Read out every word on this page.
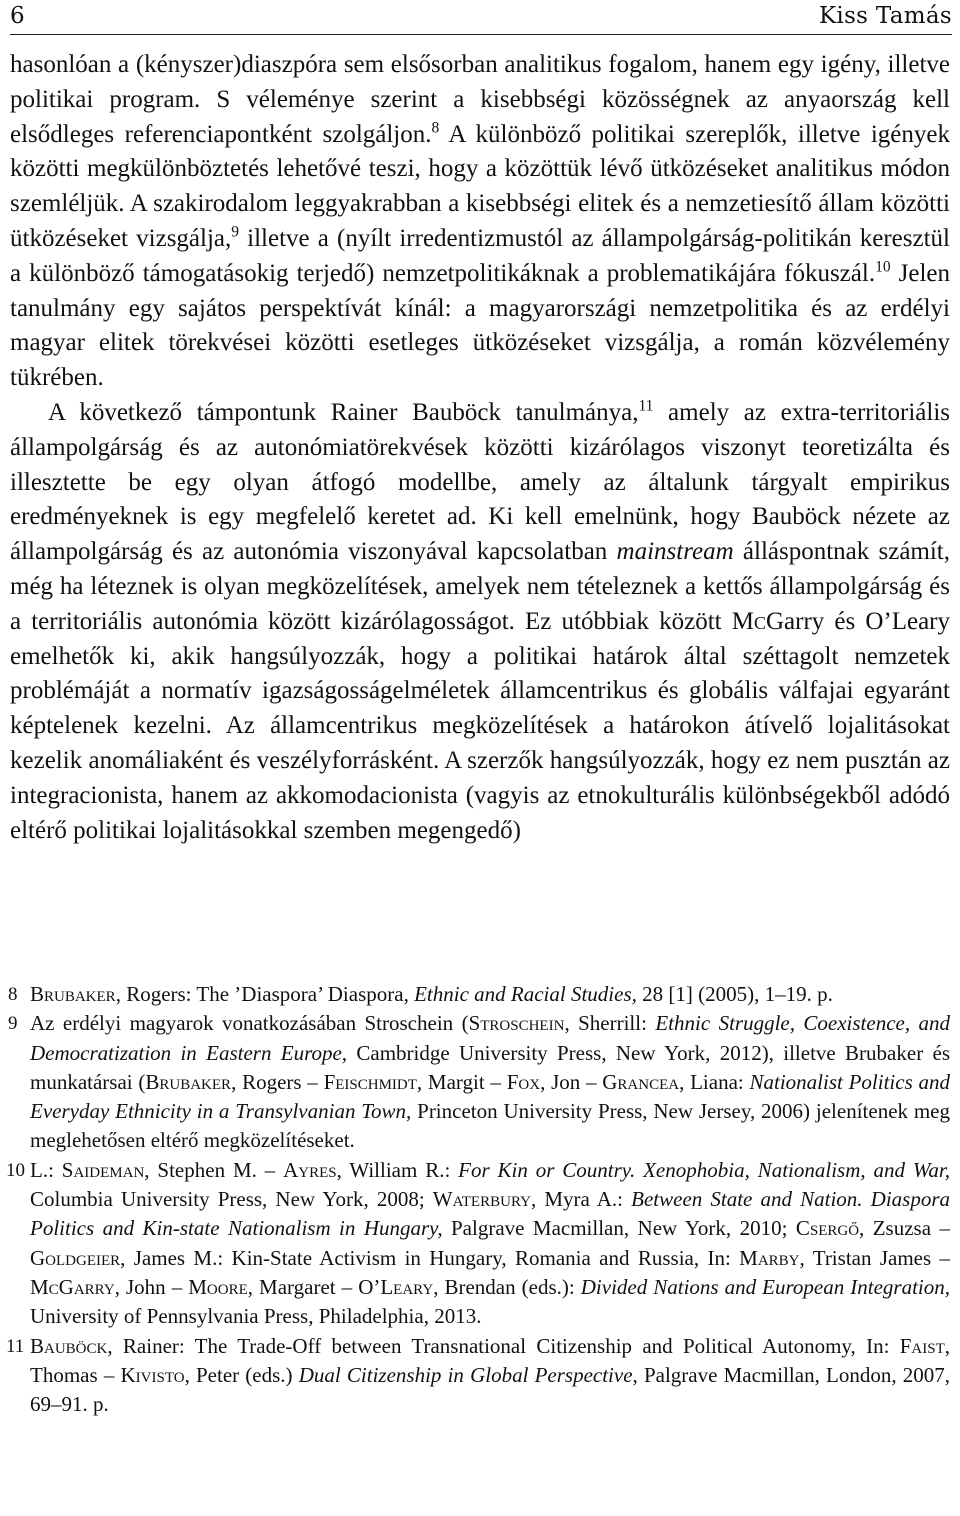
6	Kiss Tamás

hasonlóan a (kényszer)diaszpóra sem elsősorban analitikus fogalom, hanem egy igény, illetve politikai program. S véleménye szerint a kisebbségi közösségnek az anyaország kell elsődleges referenciapontként szolgáljon.$^8$ A különböző politikai szereplők, illetve igények közötti megkülönböztetés lehetővé teszi, hogy a közöttük lévő ütközéseket analitikus módon szemléljük. A szakirodalom leggyakrabban a kisebbségi elitek és a nemzetiesítő állam közötti ütközéseket vizsgálja,$^9$ illetve a (nyílt irredentizmustól az állampolgárság-politikán keresztül a különböző támogatásokig terjedő) nemzetpolitikáknak a problematikájára fókuszál.$^{10}$ Jelen tanulmány egy sajátos perspektívát kínál: a magyarországi nemzetpolitika és az erdélyi magyar elitek törekvései közötti esetleges ütközéseket vizsgálja, a román közvélemény tükrében.

A következő támpontunk Rainer Bauböck tanulmánya,$^{11}$ amely az extra-territoriális állampolgárság és az autonómiatörekvések közötti kizárólagos viszonyt teoretizálta és illesztette be egy olyan átfogó modellbe, amely az általunk tárgyalt empirikus eredményeknek is egy megfelelő keretet ad. Ki kell emelnünk, hogy Bauböck nézete az állampolgárság és az autonómia viszonyával kapcsolatban mainstream álláspontnak számít, még ha léteznek is olyan megközelítések, amelyek nem tételeznek a kettős állampolgárság és a territoriális autonómia között kizárólagosságot. Ez utóbbiak között McGarry és O’Leary emelhetők ki, akik hangsúlyozzák, hogy a politikai határok által széttagolt nemzetek problémáját a normatív igazságosságelméletek államcentrikus és globális válfajai egyaránt képtelenek kezelni. Az államcentrikus megközelítések a határokon átívelő lojalitásokat kezelik anomáliaként és veszélyforrásként. A szerzők hangsúlyozzák, hogy ez nem pusztán az integracionista, hanem az akkomodacionista (vagyis az etnokulturális különbségekből adódó eltérő politikai lojalitásokkal szemben megengedő)

8 Brubaker, Rogers: The ’Diaspora’ Diaspora, Ethnic and Racial Studies, 28 [1] (2005), 1–19. p.
9 Az erdélyi magyarok vonatkozásában Stroschein (Stroschein, Sherrill: Ethnic Struggle, Coexistence, and Democratization in Eastern Europe, Cambridge University Press, New York, 2012), illetve Brubaker és munkatársai (Brubaker, Rogers – Feischmidt, Margit – Fox, Jon – Grancea, Liana: Nationalist Politics and Everyday Ethnicity in a Transylvanian Town, Princeton University Press, New Jersey, 2006) jelenítenek meg meglehetősen eltérő megközelítéseket.
10 L.: Saideman, Stephen M. – Ayres, William R.: For Kin or Country. Xenophobia, Nationalism, and War, Columbia University Press, New York, 2008; Waterbury, Myra A.: Between State and Nation. Diaspora Politics and Kin-state Nationalism in Hungary, Palgrave Macmillan, New York, 2010; Csergő, Zsuzsa – Goldgeier, James M.: Kin-State Activism in Hungary, Romania and Russia, In: Marby, Tristan James – McGarry, John – Moore, Margaret – O’Leary, Brendan (eds.): Divided Nations and European Integration, University of Pennsylvania Press, Philadelphia, 2013.
11 Bauböck, Rainer: The Trade-Off between Transnational Citizenship and Political Autonomy, In: Faist, Thomas – Kivisto, Peter (eds.) Dual Citizenship in Global Perspective, Palgrave Macmillan, London, 2007, 69–91. p.
